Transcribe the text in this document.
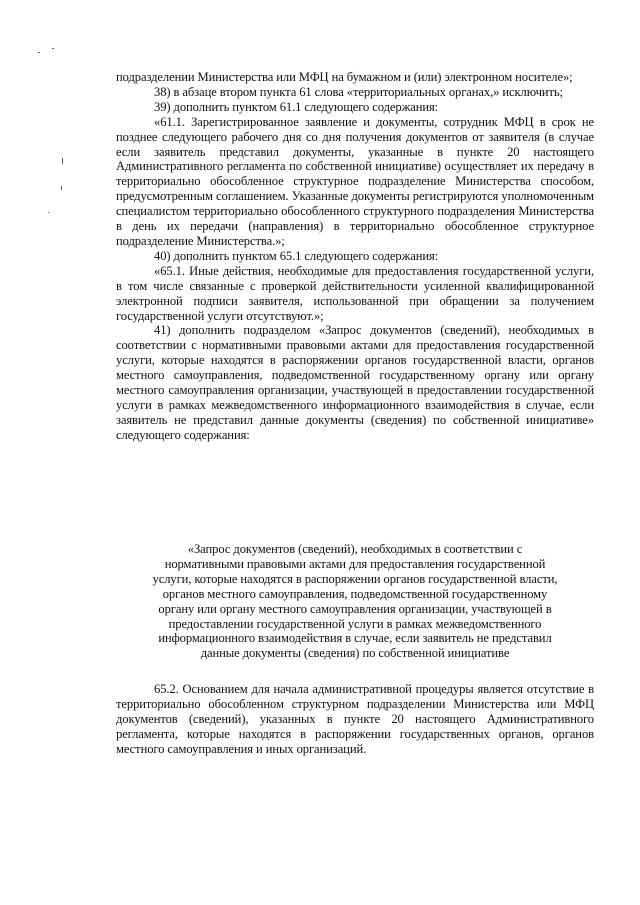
подразделении Министерства или МФЦ на бумажном и (или) электронном носителе»;

38) в абзаце втором пункта 61 слова «территориальных органах,» исключить;

39) дополнить пунктом 61.1 следующего содержания:

«61.1. Зарегистрированное заявление и документы, сотрудник МФЦ в срок не позднее следующего рабочего дня со дня получения документов от заявителя (в случае если заявитель представил документы, указанные в пункте 20 настоящего Административного регламента по собственной инициативе) осуществляет их передачу в территориально обособленное структурное подразделение Министерства способом, предусмотренным соглашением. Указанные документы регистрируются уполномоченным специалистом территориально обособленного структурного подразделения Министерства в день их передачи (направления) в территориально обособленное структурное подразделение Министерства.»;

40) дополнить пунктом 65.1 следующего содержания:

«65.1. Иные действия, необходимые для предоставления государственной услуги, в том числе связанные с проверкой действительности усиленной квалифицированной электронной подписи заявителя, использованной при обращении за получением государственной услуги отсутствуют.»;

41) дополнить подразделом «Запрос документов (сведений), необходимых в соответствии с нормативными правовыми актами для предоставления государственной услуги, которые находятся в распоряжении органов государственной власти, органов местного самоуправления, подведомственной государственному органу или органу местного самоуправления организации, участвующей в предоставлении государственной услуги в рамках межведомственного информационного взаимодействия в случае, если заявитель не представил данные документы (сведения) по собственной инициативе» следующего содержания:

«Запрос документов (сведений), необходимых в соответствии с

нормативными правовыми актами для предоставления государственной

услуги, которые находятся в распоряжении органов государственной власти,

органов местного самоуправления, подведомственной государственному

органу или органу местного самоуправления организации, участвующей в

предоставлении государственной услуги в рамках межведомственного

информационного взаимодействия в случае, если заявитель не представил

данные документы (сведения) по собственной инициативе

65.2. Основанием для начала административной процедуры является отсутствие в территориально обособленном структурном подразделении Министерства или МФЦ документов (сведений), указанных в пункте 20 настоящего Административного регламента, которые находятся в распоряжении государственных органов, органов местного самоуправления и иных организаций.
